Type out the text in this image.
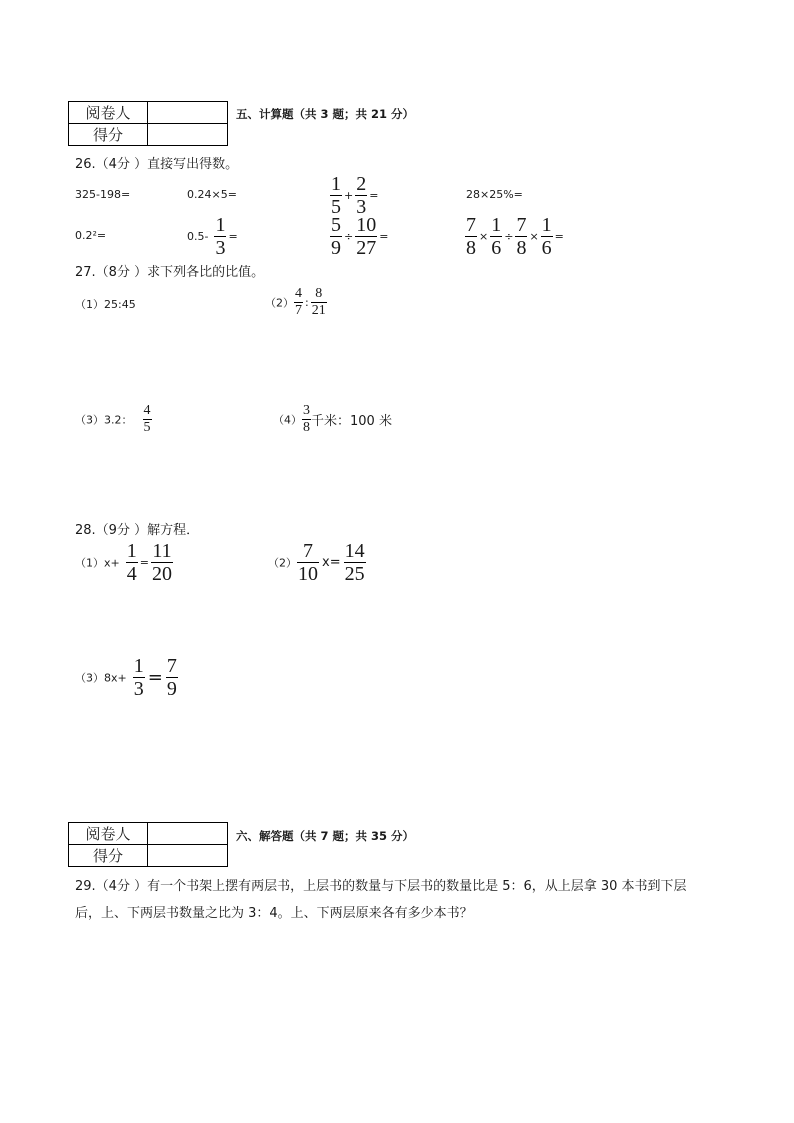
阅卷人	
得分	
五、计算题（共 3 题；共 21 分）
26.（4分 ）直接写出得数。
325-198=	0.24×5=	$\frac{1}{5} + \frac{2}{3}$ =	28×25%=
0.2²=	$0.5- \frac{1}{3}$ =	$\frac{5}{9} \div \frac{10}{27}$ =	$\frac{7}{8} \times \frac{1}{6} \div \frac{7}{8} \times \frac{1}{6}$ =
27.（8分 ）求下列各比的比值。
（1）25:45	$(2) \frac{4}{7}$ : $\frac{8}{21}$
（3）3.2： $\frac{4}{5}$	$(4) \frac{3}{8}$ 千米：100 米
28.（9分 ）解方程．
$(1)x+ \frac{1}{4} = \frac{11}{20}$	$(2) \frac{7}{10} x= \frac{14}{25}$
$(3)8x+ \frac{1}{3} = \frac{7}{9}$
阅卷人	
得分	
六、解答题（共 7 题；共 35 分）
29.（4分 ）有一个书架上摆有两层书，上层书的数量与下层书的数量比是 5：6，从上层拿 30 本书到下层
后，上、下两层书数量之比为 3：4。上、下两层原来各有多少本书？
